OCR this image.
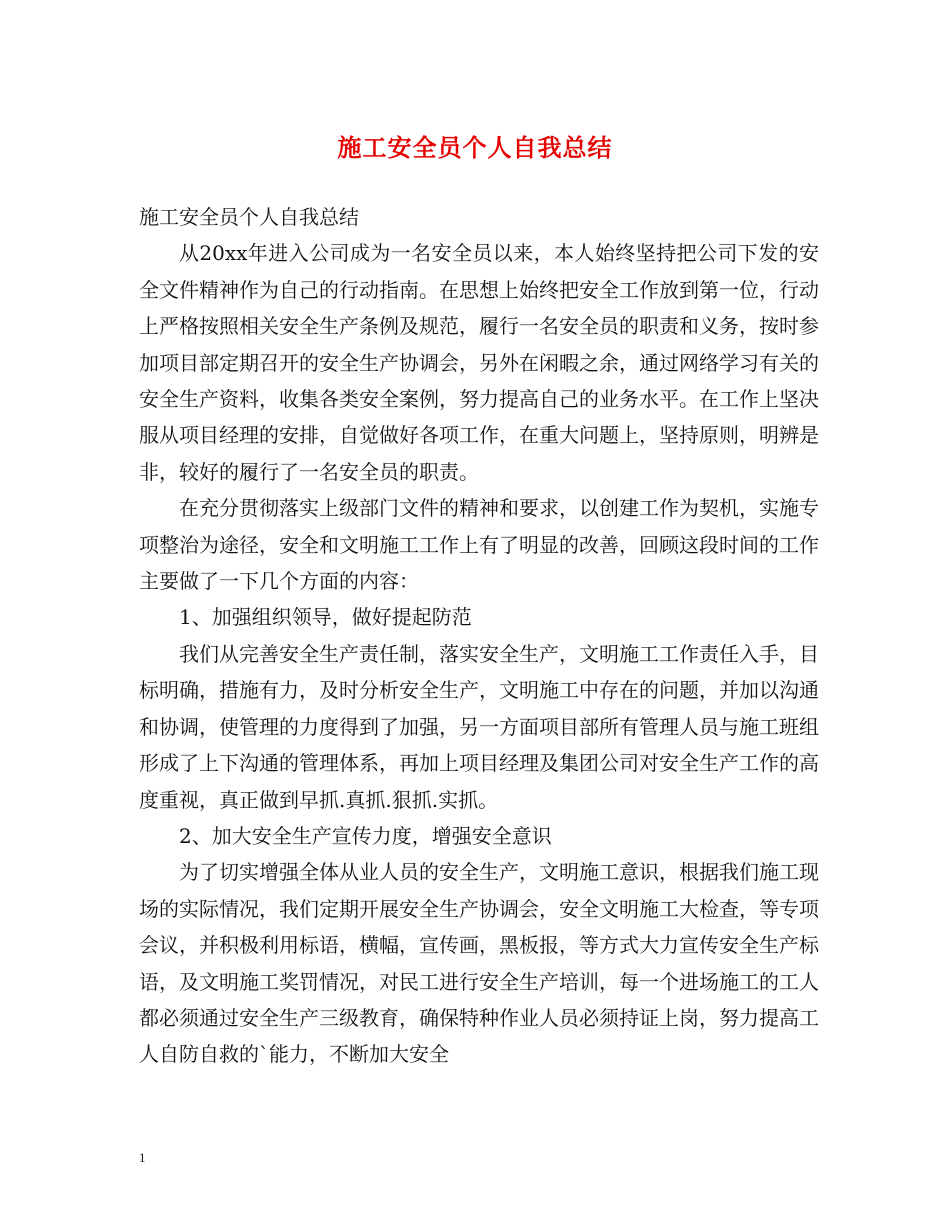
施工安全员个人自我总结

施工安全员个人自我总结

从20xx年进入公司成为一名安全员以来，本人始终坚持把公司下发的安全文件精神作为自己的行动指南。在思想上始终把安全工作放到第一位，行动上严格按照相关安全生产条例及规范，履行一名安全员的职责和义务，按时参加项目部定期召开的安全生产协调会，另外在闲暇之余，通过网络学习有关的安全生产资料，收集各类安全案例，努力提高自己的业务水平。在工作上坚决服从项目经理的安排，自觉做好各项工作，在重大问题上，坚持原则，明辨是非，较好的履行了一名安全员的职责。

在充分贯彻落实上级部门文件的精神和要求，以创建工作为契机，实施专项整治为途径，安全和文明施工工作上有了明显的改善，回顾这段时间的工作主要做了一下几个方面的内容：

1、加强组织领导，做好提起防范

我们从完善安全生产责任制，落实安全生产，文明施工工作责任入手，目标明确，措施有力，及时分析安全生产，文明施工中存在的问题，并加以沟通和协调，使管理的力度得到了加强，另一方面项目部所有管理人员与施工班组形成了上下沟通的管理体系，再加上项目经理及集团公司对安全生产工作的高度重视，真正做到早抓.真抓.狠抓.实抓。

2、加大安全生产宣传力度，增强安全意识

为了切实增强全体从业人员的安全生产，文明施工意识，根据我们施工现场的实际情况，我们定期开展安全生产协调会，安全文明施工大检查，等专项会议，并积极利用标语，横幅，宣传画，黑板报，等方式大力宣传安全生产标语，及文明施工奖罚情况，对民工进行安全生产培训，每一个进场施工的工人都必须通过安全生产三级教育，确保特种作业人员必须持证上岗，努力提高工人自防自救的`能力，不断加大安全

1
